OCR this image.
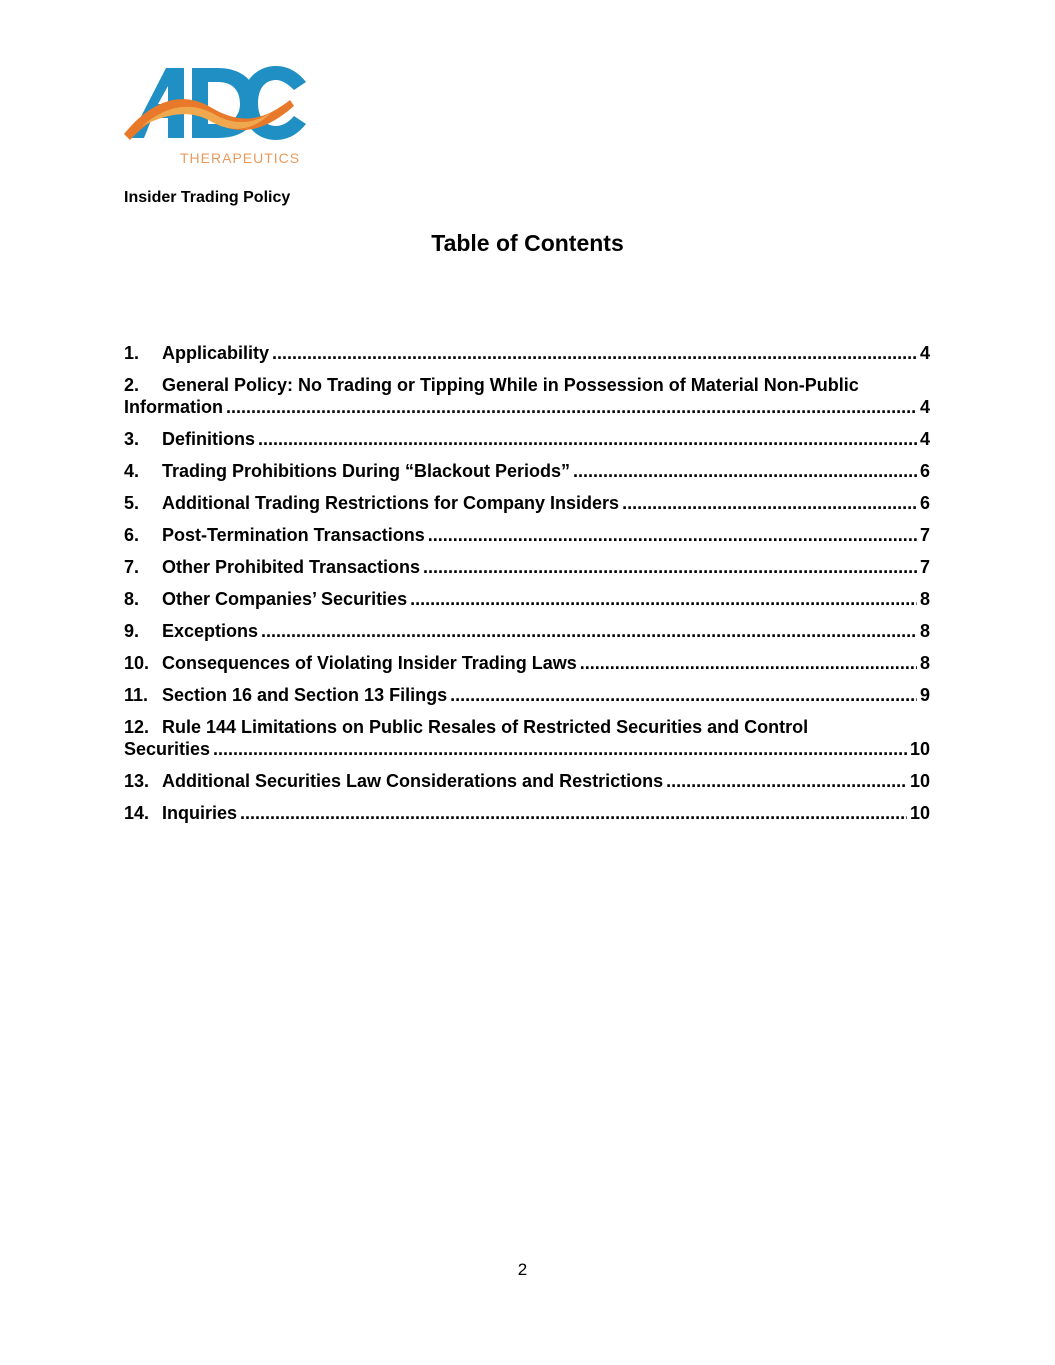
THERAPEUTICS
Insider Trading Policy
Table of Contents
1.	Applicability .....	4
2.	General Policy: No Trading or Tipping While in Possession of Material Non-Public
Information .....	4
3.	Definitions .....	4
4.	Trading Prohibitions During “Blackout Periods” .....	6
5.	Additional Trading Restrictions for Company Insiders .....	6
6.	Post-Termination Transactions .....	7
7.	Other Prohibited Transactions .....	7
8.	Other Companies’ Securities .....	8
9.	Exceptions .....	8
10. Consequences of Violating Insider Trading Laws .....	8
11. Section 16 and Section 13 Filings .....	9
12. Rule 144 Limitations on Public Resales of Restricted Securities and Control
Securities .....	10
13. Additional Securities Law Considerations and Restrictions .....	10
14. Inquiries .....	10
2
